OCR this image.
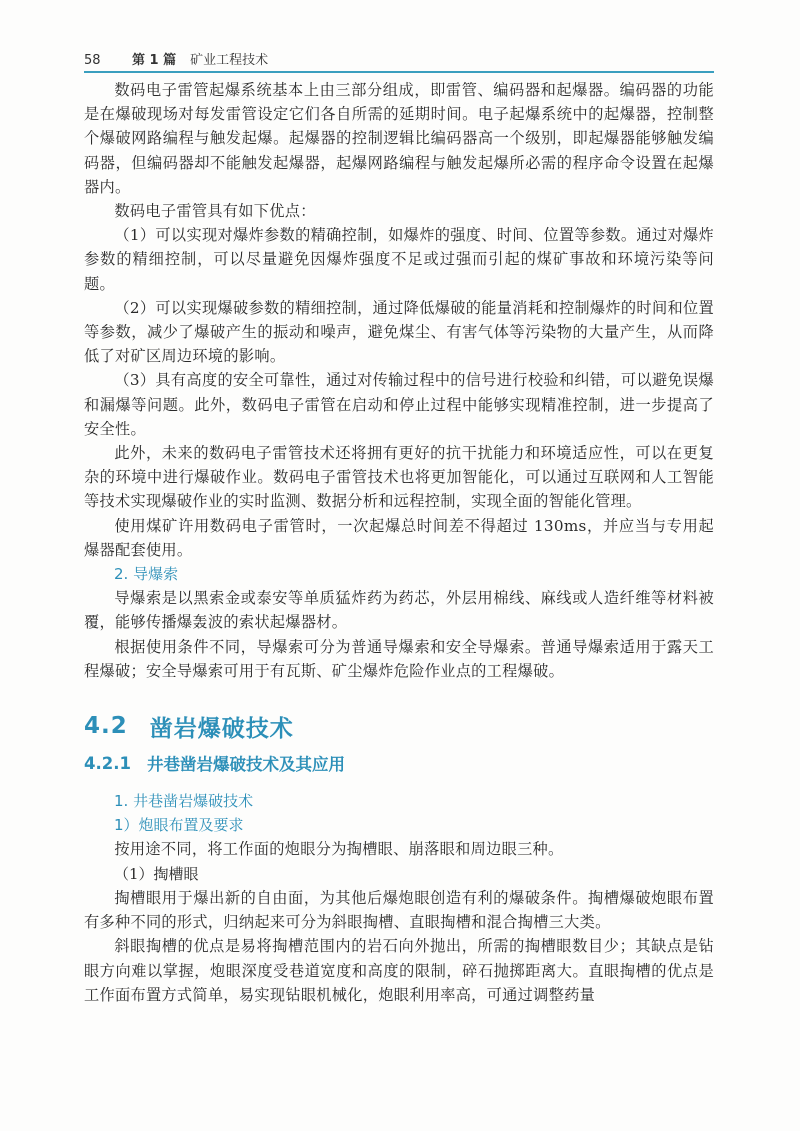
58	第 1 篇 矿业工程技术

数码电子雷管起爆系统基本上由三部分组成，即雷管、编码器和起爆器。编码器的功能是在爆破现场对每发雷管设定它们各自所需的延期时间。电子起爆系统中的起爆器，控制整个爆破网路编程与触发起爆。起爆器的控制逻辑比编码器高一个级别，即起爆器能够触发编码器，但编码器却不能触发起爆器，起爆网路编程与触发起爆所必需的程序命令设置在起爆器内。

数码电子雷管具有如下优点：

（1）可以实现对爆炸参数的精确控制，如爆炸的强度、时间、位置等参数。通过对爆炸参数的精细控制，可以尽量避免因爆炸强度不足或过强而引起的煤矿事故和环境污染等问题。

（2）可以实现爆破参数的精细控制，通过降低爆破的能量消耗和控制爆炸的时间和位置等参数，减少了爆破产生的振动和噪声，避免煤尘、有害气体等污染物的大量产生，从而降低了对矿区周边环境的影响。

（3）具有高度的安全可靠性，通过对传输过程中的信号进行校验和纠错，可以避免误爆和漏爆等问题。此外，数码电子雷管在启动和停止过程中能够实现精准控制，进一步提高了安全性。

此外，未来的数码电子雷管技术还将拥有更好的抗干扰能力和环境适应性，可以在更复杂的环境中进行爆破作业。数码电子雷管技术也将更加智能化，可以通过互联网和人工智能等技术实现爆破作业的实时监测、数据分析和远程控制，实现全面的智能化管理。

使用煤矿许用数码电子雷管时，一次起爆总时间差不得超过 130ms，并应当与专用起爆器配套使用。

2. 导爆索

导爆索是以黑索金或泰安等单质猛炸药为药芯，外层用棉线、麻线或人造纤维等材料被覆，能够传播爆轰波的索状起爆器材。

根据使用条件不同，导爆索可分为普通导爆索和安全导爆索。普通导爆索适用于露天工程爆破；安全导爆索可用于有瓦斯、矿尘爆炸危险作业点的工程爆破。

4.2 凿岩爆破技术
4.2.1 井巷凿岩爆破技术及其应用

1. 井巷凿岩爆破技术

1）炮眼布置及要求

按用途不同，将工作面的炮眼分为掏槽眼、崩落眼和周边眼三种。

（1）掏槽眼

掏槽眼用于爆出新的自由面，为其他后爆炮眼创造有利的爆破条件。掏槽爆破炮眼布置有多种不同的形式，归纳起来可分为斜眼掏槽、直眼掏槽和混合掏槽三大类。

斜眼掏槽的优点是易将掏槽范围内的岩石向外抛出，所需的掏槽眼数目少；其缺点是钻眼方向难以掌握，炮眼深度受巷道宽度和高度的限制，碎石抛掷距离大。直眼掏槽的优点是工作面布置方式简单，易实现钻眼机械化，炮眼利用率高，可通过调整药量
